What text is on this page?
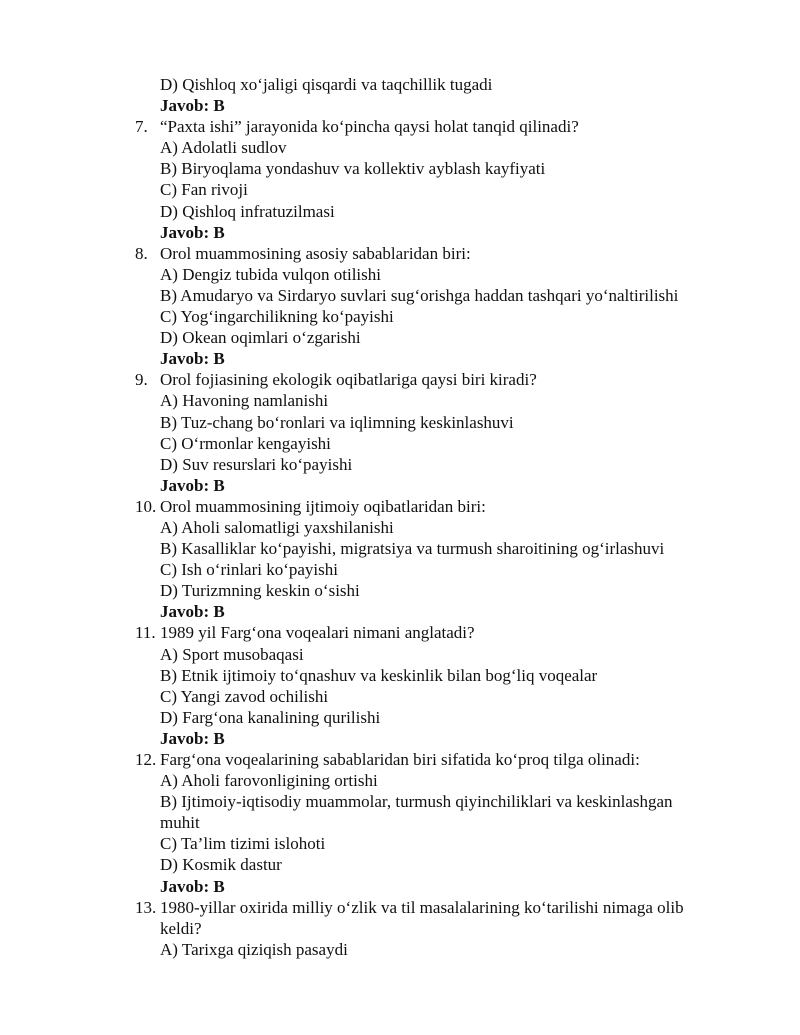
D) Qishloq xo‘jaligi qisqardi va taqchillik tugadi
Javob: B
7. “Paxta ishi” jarayonida ko‘pincha qaysi holat tanqid qilinadi?
A) Adolatli sudlov
B) Biryoqlama yondashuv va kollektiv ayblash kayfiyati
C) Fan rivoji
D) Qishloq infratuzilmasi
Javob: B
8. Orol muammosining asosiy sabablaridan biri:
A) Dengiz tubida vulqon otilishi
B) Amudaryo va Sirdaryo suvlari sug‘orishga haddan tashqari yo‘naltirilishi
C) Yog‘ingarchilikning ko‘payishi
D) Okean oqimlari o‘zgarishi
Javob: B
9. Orol fojiasining ekologik oqibatlariga qaysi biri kiradi?
A) Havoning namlanishi
B) Tuz-chang bo‘ronlari va iqlimning keskinlashuvi
C) O‘rmonlar kengayishi
D) Suv resurslari ko‘payishi
Javob: B
10. Orol muammosining ijtimoiy oqibatlaridan biri:
A) Aholi salomatligi yaxshilanishi
B) Kasalliklar ko‘payishi, migratsiya va turmush sharoitining og‘irlashuvi
C) Ish o‘rinlari ko‘payishi
D) Turizmning keskin o‘sishi
Javob: B
11. 1989 yil Farg‘ona voqealari nimani anglatadi?
A) Sport musobaqasi
B) Etnik ijtimoiy to‘qnashuv va keskinlik bilan bog‘liq voqealar
C) Yangi zavod ochilishi
D) Farg‘ona kanalining qurilishi
Javob: B
12. Farg‘ona voqealarining sabablaridan biri sifatida ko‘proq tilga olinadi:
A) Aholi farovonligining ortishi
B) Ijtimoiy-iqtisodiy muammolar, turmush qiyinchiliklari va keskinlashgan
muhit
C) Ta’lim tizimi islohoti
D) Kosmik dastur
Javob: B
13. 1980-yillar oxirida milliy o‘zlik va til masalalarining ko‘tarilishi nimaga olib
keldi?
A) Tarixga qiziqish pasaydi
